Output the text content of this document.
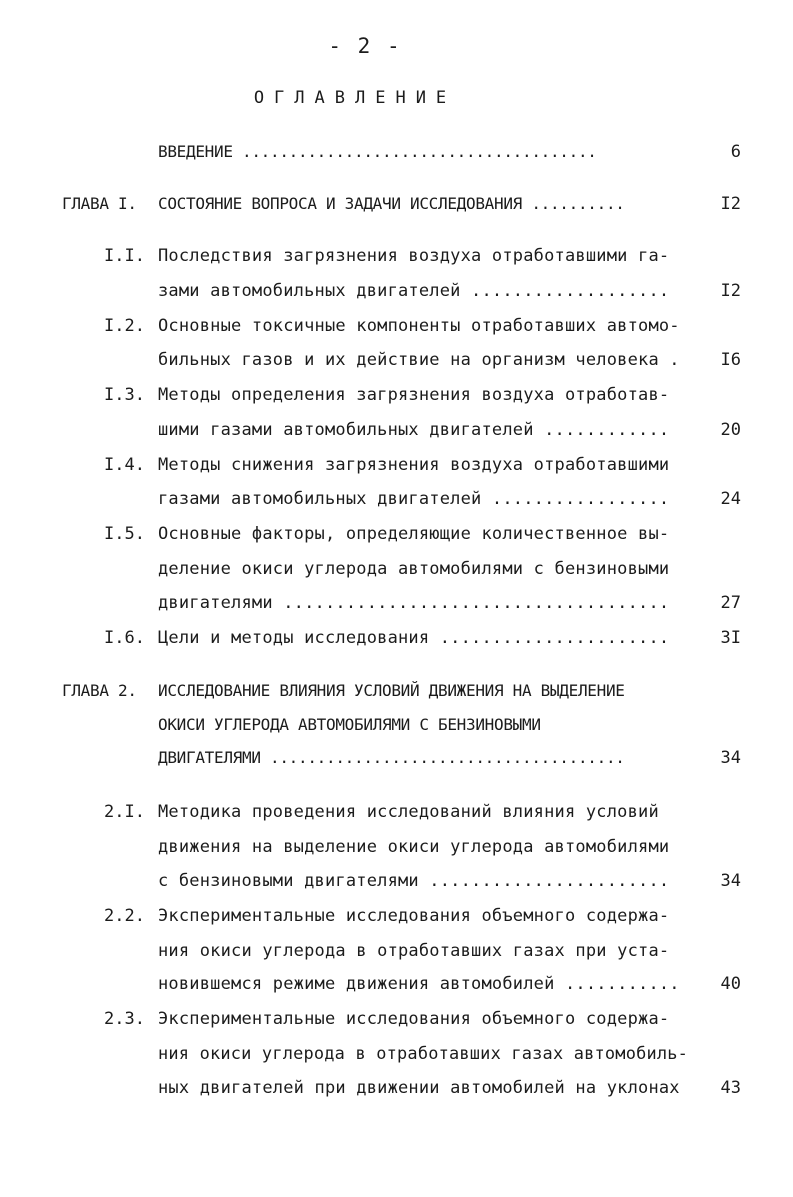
- 2 -
ОГЛАВЛЕНИЕ
ВВЕДЕНИЕ ......................................	6
ГЛАВА I. СОСТОЯНИЕ ВОПРОСА И ЗАДАЧИ ИССЛЕДОВАНИЯ ..........	I2
I.I. Последствия загрязнения воздуха отработавшими га-
зами автомобильных двигателей ...................	I2
I.2. Основные токсичные компоненты отработавших автомо-
бильных газов и их действие на организм человека . I6
I.3. Методы определения загрязнения воздуха отработав-
шими газами автомобильных двигателей ............	20
I.4. Методы снижения загрязнения воздуха отработавшими
газами автомобильных двигателей .................	24
I.5. Основные факторы, определяющие количественное вы-
деление окиси углерода автомобилями с бензиновыми
двигателями .....................................	27
I.6. Цели и методы исследования ......................	3I
ГЛАВА 2. ИССЛЕДОВАНИЕ ВЛИЯНИЯ УСЛОВИЙ ДВИЖЕНИЯ НА ВЫДЕЛЕНИЕ
ОКИСИ УГЛЕРОДА АВТОМОБИЛЯМИ С БЕНЗИНОВЫМИ
ДВИГАТЕЛЯМИ ......................................	34
2.I. Методика проведения исследований влияния условий
движения на выделение окиси углерода автомобилями
с бензиновыми двигателями .......................	34
2.2. Экспериментальные исследования объемного содержа-
ния окиси углерода в отработавших газах при уста-
новившемся режиме движения автомобилей ........... 40
2.3. Экспериментальные исследования объемного содержа-
ния окиси углерода в отработавших газах автомобиль-
ных двигателей при движении автомобилей на уклонах 43
